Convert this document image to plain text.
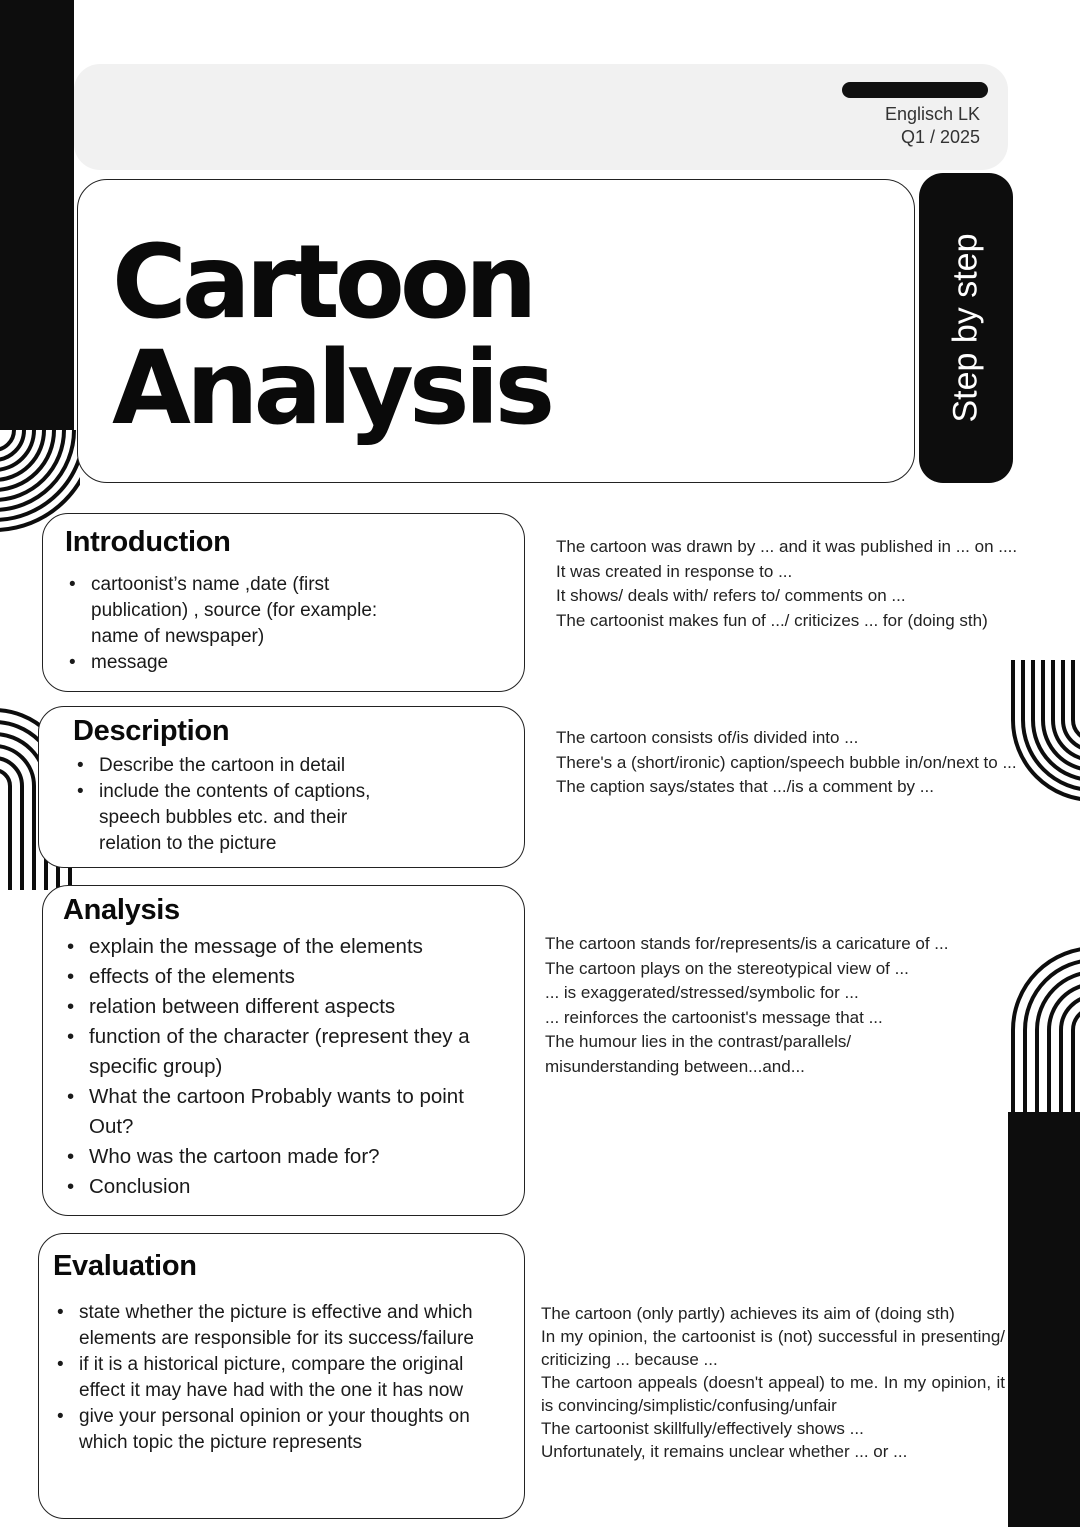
Englisch LK
Q1 / 2025
Cartoon
Analysis	Step by step
Introduction
• cartoonist’s name ,date (first publication) , source (for example: name of newspaper)
• message

The cartoon was drawn by ... and it was published in ... on ....

It was created in response to ...

It shows/ deals with/ refers to/ comments on ...

The cartoonist makes fun of .../ criticizes ... for (doing sth)

Description
• Describe the cartoon in detail
• include the contents of captions, speech bubbles etc. and their relation to the picture

The cartoon consists of/is divided into ...

There's a (short/ironic) caption/speech bubble in/on/next to ...

The caption says/states that .../is a comment by ...

Analysis
• explain the message of the elements
• effects of the elements
• relation between different aspects
• function of the character (represent they a specific group)
• What the cartoon Probably wants to point Out?
• Who was the cartoon made for?
• Conclusion

The cartoon stands for/represents/is a caricature of ...

The cartoon plays on the stereotypical view of ...

... is exaggerated/stressed/symbolic for ...

... reinforces the cartoonist's message that ...

The humour lies in the contrast/parallels/ misunderstanding between...and...

Evaluation
• state whether the picture is effective and which elements are responsible for its success/failure
• if it is a historical picture, compare the original effect it may have had with the one it has now
• give your personal opinion or your thoughts on which topic the picture represents

The cartoon (only partly) achieves its aim of (doing sth)

In my opinion, the cartoonist is (not) successful in presenting/ criticizing ... because ...

The cartoon appeals (doesn't appeal) to me. In my opinion, it is convincing/simplistic/confusing/unfair

The cartoonist skillfully/effectively shows ...

Unfortunately, it remains unclear whether ... or ...
